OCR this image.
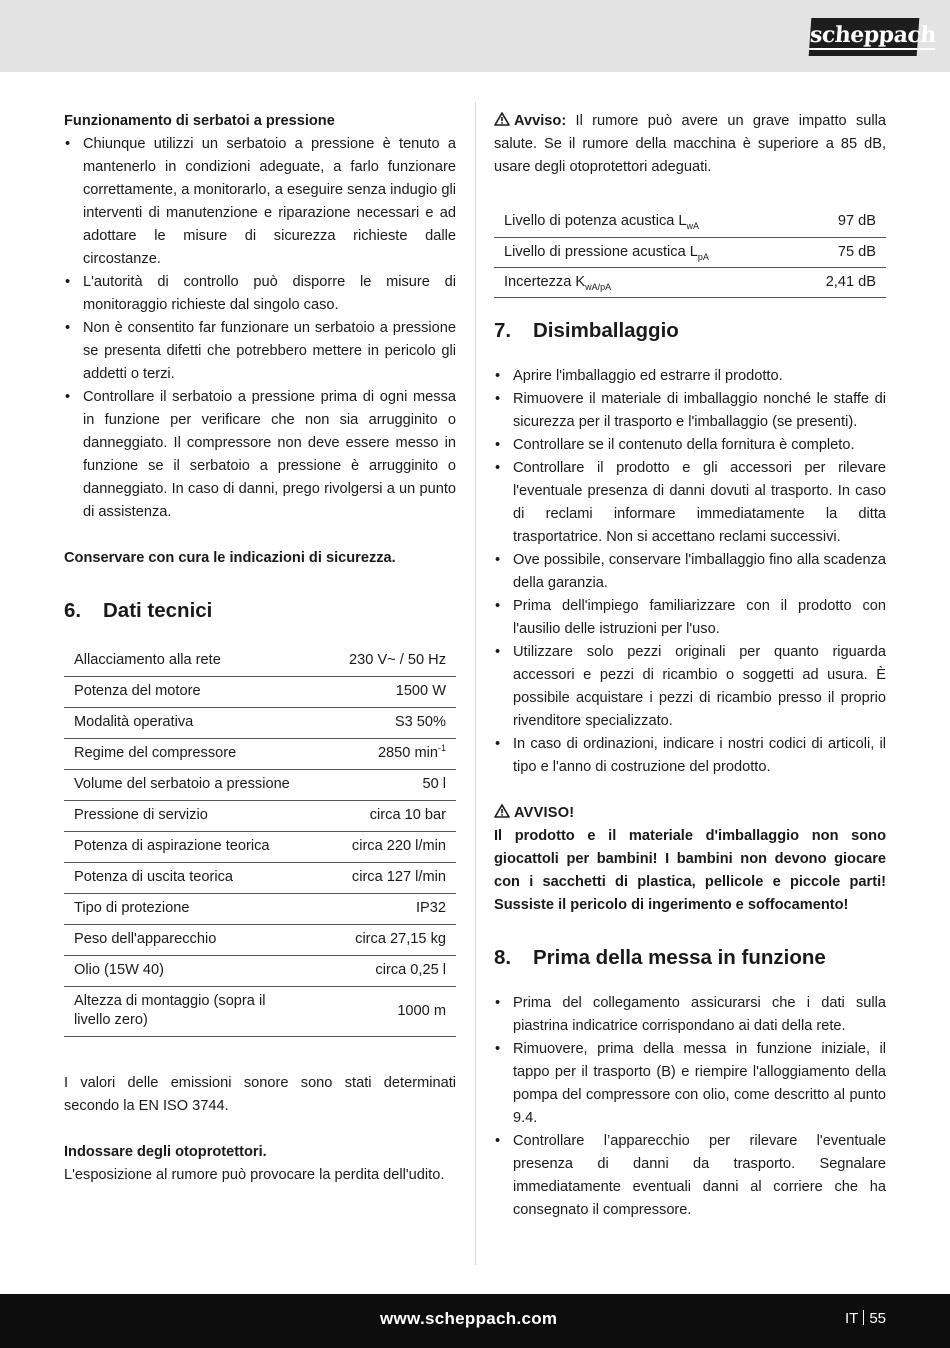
scheppach

Funzionamento di serbatoi a pressione

• Chiunque utilizzi un serbatoio a pressione è tenuto a mantenerlo in condizioni adeguate, a farlo funzionare correttamente, a monitorarlo, a eseguire senza indugio gli interventi di manutenzione e riparazione necessari e ad adottare le misure di sicurezza richieste dalle circostanze.
• L'autorità di controllo può disporre le misure di monitoraggio richieste dal singolo caso.
• Non è consentito far funzionare un serbatoio a pressione se presenta difetti che potrebbero mettere in pericolo gli addetti o terzi.
• Controllare il serbatoio a pressione prima di ogni messa in funzione per verificare che non sia arrugginito o danneggiato. Il compressore non deve essere messo in funzione se il serbatoio a pressione è arrugginito o danneggiato. In caso di danni, prego rivolgersi a un punto di assistenza.

Conservare con cura le indicazioni di sicurezza.

6.	Dati tecnici
Allacciamento alla rete	230 V~ / 50 Hz
Potenza del motore	1500 W
Modalità operativa	S3 50%
Regime del compressore	2850 $\min^{-1}$
Volume del serbatoio a pressione	50 l
Pressione di servizio	circa 10 bar
Potenza di aspirazione teorica	circa 220 l/min
Potenza di uscita teorica	circa 127 l/min
Tipo di protezione	IP32
Peso dell'apparecchio	circa 27,15 kg
Olio (15W 40)	circa 0,25 l
Altezza di montaggio (sopra il livello zero)	1000 m

I valori delle emissioni sonore sono stati determinati secondo la EN ISO 3744.

Indossare degli otoprotettori.

L'esposizione al rumore può provocare la perdita dell'udito.

Avviso: Il rumore può avere un grave impatto sulla salute. Se il rumore della macchina è superiore a 85 dB, usare degli otoprotettori adeguati.

Livello di potenza acustica $L_{wA}$	97 dB
Livello di pressione acustica $L_{pA}$	75 dB
Incertezza $K_{wA/pA}$	2,41 dB
7.	Disimballaggio
• Aprire l'imballaggio ed estrarre il prodotto.
• Rimuovere il materiale di imballaggio nonché le staffe di sicurezza per il trasporto e l'imballaggio (se presenti).
• Controllare se il contenuto della fornitura è completo.
• Controllare il prodotto e gli accessori per rilevare l'eventuale presenza di danni dovuti al trasporto. In caso di reclami informare immediatamente la ditta trasportatrice. Non si accettano reclami successivi.
• Ove possibile, conservare l'imballaggio fino alla scadenza della garanzia.
• Prima dell'impiego familiarizzare con il prodotto con l'ausilio delle istruzioni per l'uso.
• Utilizzare solo pezzi originali per quanto riguarda accessori e pezzi di ricambio o soggetti ad usura. È possibile acquistare i pezzi di ricambio presso il proprio rivenditore specializzato.
• In caso di ordinazioni, indicare i nostri codici di articoli, il tipo e l'anno di costruzione del prodotto.

AVVISO!

Il prodotto e il materiale d'imballaggio non sono giocattoli per bambini! I bambini non devono giocare con i sacchetti di plastica, pellicole e piccole parti! Sussiste il pericolo di ingerimento e soffocamento!

8.	Prima della messa in funzione
• Prima del collegamento assicurarsi che i dati sulla piastrina indicatrice corrispondano ai dati della rete.
• Rimuovere, prima della messa in funzione iniziale, il tappo per il trasporto (B) e riempire l'alloggiamento della pompa del compressore con olio, come descritto al punto 9.4.
• Controllare l’apparecchio per rilevare l'eventuale presenza di danni da trasporto. Segnalare immediatamente eventuali danni al corriere che ha consegnato il compressore.
www.scheppach.com	IT 55
